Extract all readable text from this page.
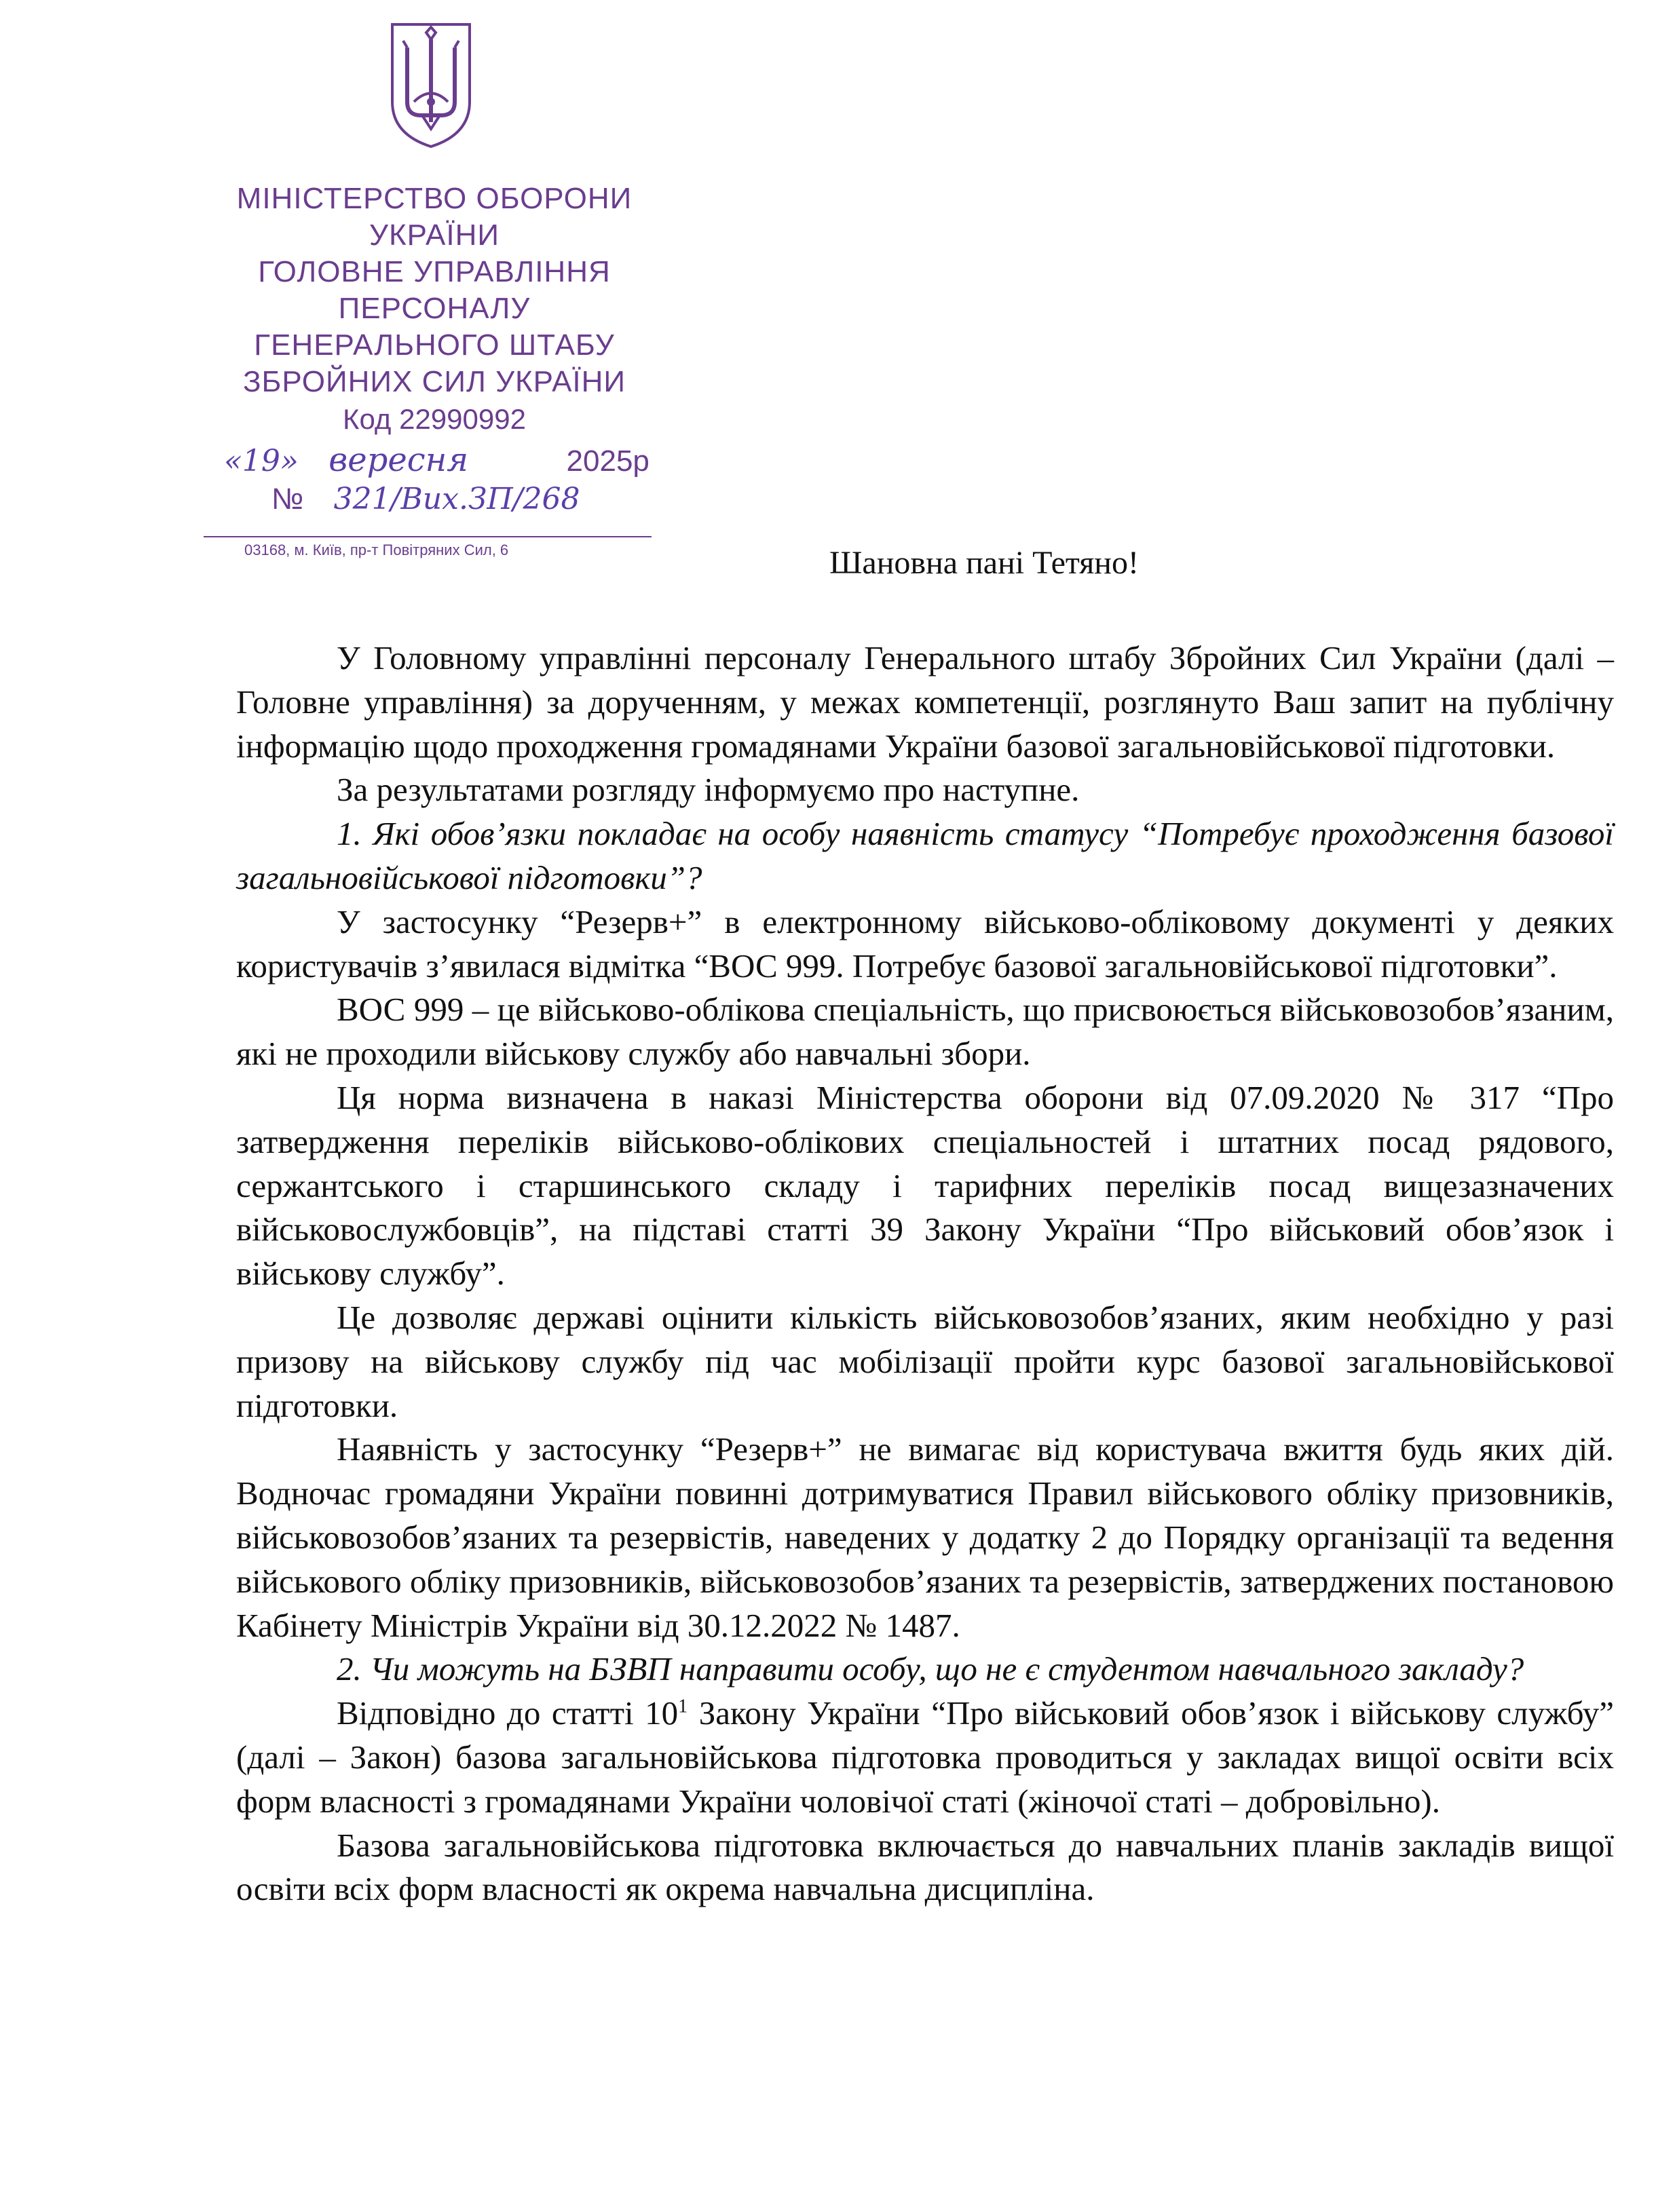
МІНІСТЕРСТВО ОБОРОНИ
УКРАЇНИ
ГОЛОВНЕ УПРАВЛІННЯ
ПЕРСОНАЛУ
ГЕНЕРАЛЬНОГО ШТАБУ
ЗБРОЙНИХ СИЛ УКРАЇНИ
Код 22990992
«19» вересня	2025р
№ 321/Вих.ЗП/268
03168, м. Київ, пр-т Повітряних Сил, 6	Шановна пані Тетяно!

У Головному управлінні персоналу Генерального штабу Збройних Сил України (далі – Головне управління) за дорученням, у межах компетенції, розглянуто Ваш запит на публічну інформацію щодо проходження громадянами України базової загальновійськової підготовки.

За результатами розгляду інформуємо про наступне.

1. Які обов’язки покладає на особу наявність статусу “Потребує проходження базової загальновійськової підготовки”?

У застосунку “Резерв+” в електронному військово-обліковому документі у деяких користувачів з’явилася відмітка “ВОС 999. Потребує базової загальновійськової підготовки”.

ВОС 999 – це військово-облікова спеціальність, що присвоюється військовозобов’язаним, які не проходили військову службу або навчальні збори.

Ця норма визначена в наказі Міністерства оборони від 07.09.2020 № 317 “Про затвердження переліків військово-облікових спеціальностей і штатних посад рядового, сержантського і старшинського складу і тарифних переліків посад вищезазначених військовослужбовців”, на підставі статті 39 Закону України “Про військовий обов’язок і військову службу”.

Це дозволяє державі оцінити кількість військовозобов’язаних, яким необхідно у разі призову на військову службу під час мобілізації пройти курс базової загальновійськової підготовки.

Наявність у застосунку “Резерв+” не вимагає від користувача вжиття будь яких дій. Водночас громадяни України повинні дотримуватися Правил військового обліку призовників, військовозобов’язаних та резервістів, наведених у додатку 2 до Порядку організації та ведення військового обліку призовників, військовозобов’язаних та резервістів, затверджених постановою Кабінету Міністрів України від 30.12.2022 № 1487.

2. Чи можуть на БЗВП направити особу, що не є студентом навчального закладу?

Відповідно до статті $10^1$ Закону України “Про військовий обов’язок і військову службу” (далі – Закон) базова загальновійськова підготовка проводиться у закладах вищої освіти всіх форм власності з громадянами України чоловічої статі (жіночої статі – добровільно).

Базова загальновійськова підготовка включається до навчальних планів закладів вищої освіти всіх форм власності як окрема навчальна дисципліна.
